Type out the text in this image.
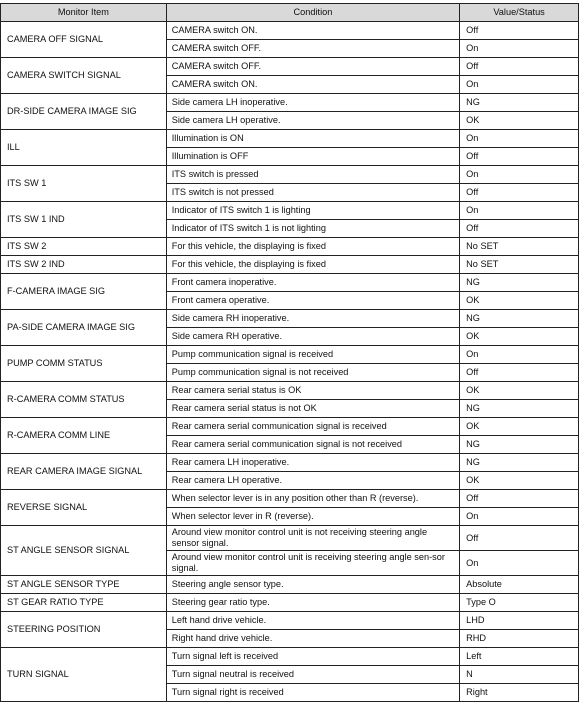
Monitor Item	Condition	Value/Status
CAMERA OFF SIGNAL	CAMERA switch ON.	Off
	CAMERA switch OFF.	On
CAMERA SWITCH SIGNAL	CAMERA switch OFF.	Off
	CAMERA switch ON.	On
DR-SIDE CAMERA IMAGE SIG	Side camera LH inoperative.	NG
	Side camera LH operative.	OK
ILL	Illumination is ON	On
	Illumination is OFF	Off
ITS SW 1	ITS switch is pressed	On
	ITS switch is not pressed	Off
ITS SW 1 IND	Indicator of ITS switch 1 is lighting	On
	Indicator of ITS switch 1 is not lighting	Off
ITS SW 2	For this vehicle, the displaying is fixed	No SET
ITS SW 2 IND	For this vehicle, the displaying is fixed	No SET
F-CAMERA IMAGE SIG	Front camera inoperative.	NG
	Front camera operative.	OK
PA-SIDE CAMERA IMAGE SIG	Side camera RH inoperative.	NG
	Side camera RH operative.	OK
PUMP COMM STATUS	Pump communication signal is received	On
	Pump communication signal is not received	Off
R-CAMERA COMM STATUS	Rear camera serial status is OK	OK
	Rear camera serial status is not OK	NG
R-CAMERA COMM LINE	Rear camera serial communication signal is received	OK
	Rear camera serial communication signal is not received	NG
REAR CAMERA IMAGE SIGNAL	Rear camera LH inoperative.	NG
	Rear camera LH operative.	OK
REVERSE SIGNAL	When selector lever is in any position other than R (reverse).	Off
	When selector lever in R (reverse).	On
ST ANGLE SENSOR SIGNAL	Around view monitor control unit is not receiving steering angle sensor signal.	Off
	Around view monitor control unit is receiving steering angle sen-sor signal.	On
ST ANGLE SENSOR TYPE	Steering angle sensor type.	Absolute
ST GEAR RATIO TYPE	Steering gear ratio type.	Type O
STEERING POSITION	Left hand drive vehicle.	LHD
	Right hand drive vehicle.	RHD
TURN SIGNAL	Turn signal left is received	Left
	Turn signal neutral is received	N
	Turn signal right is received	Right
